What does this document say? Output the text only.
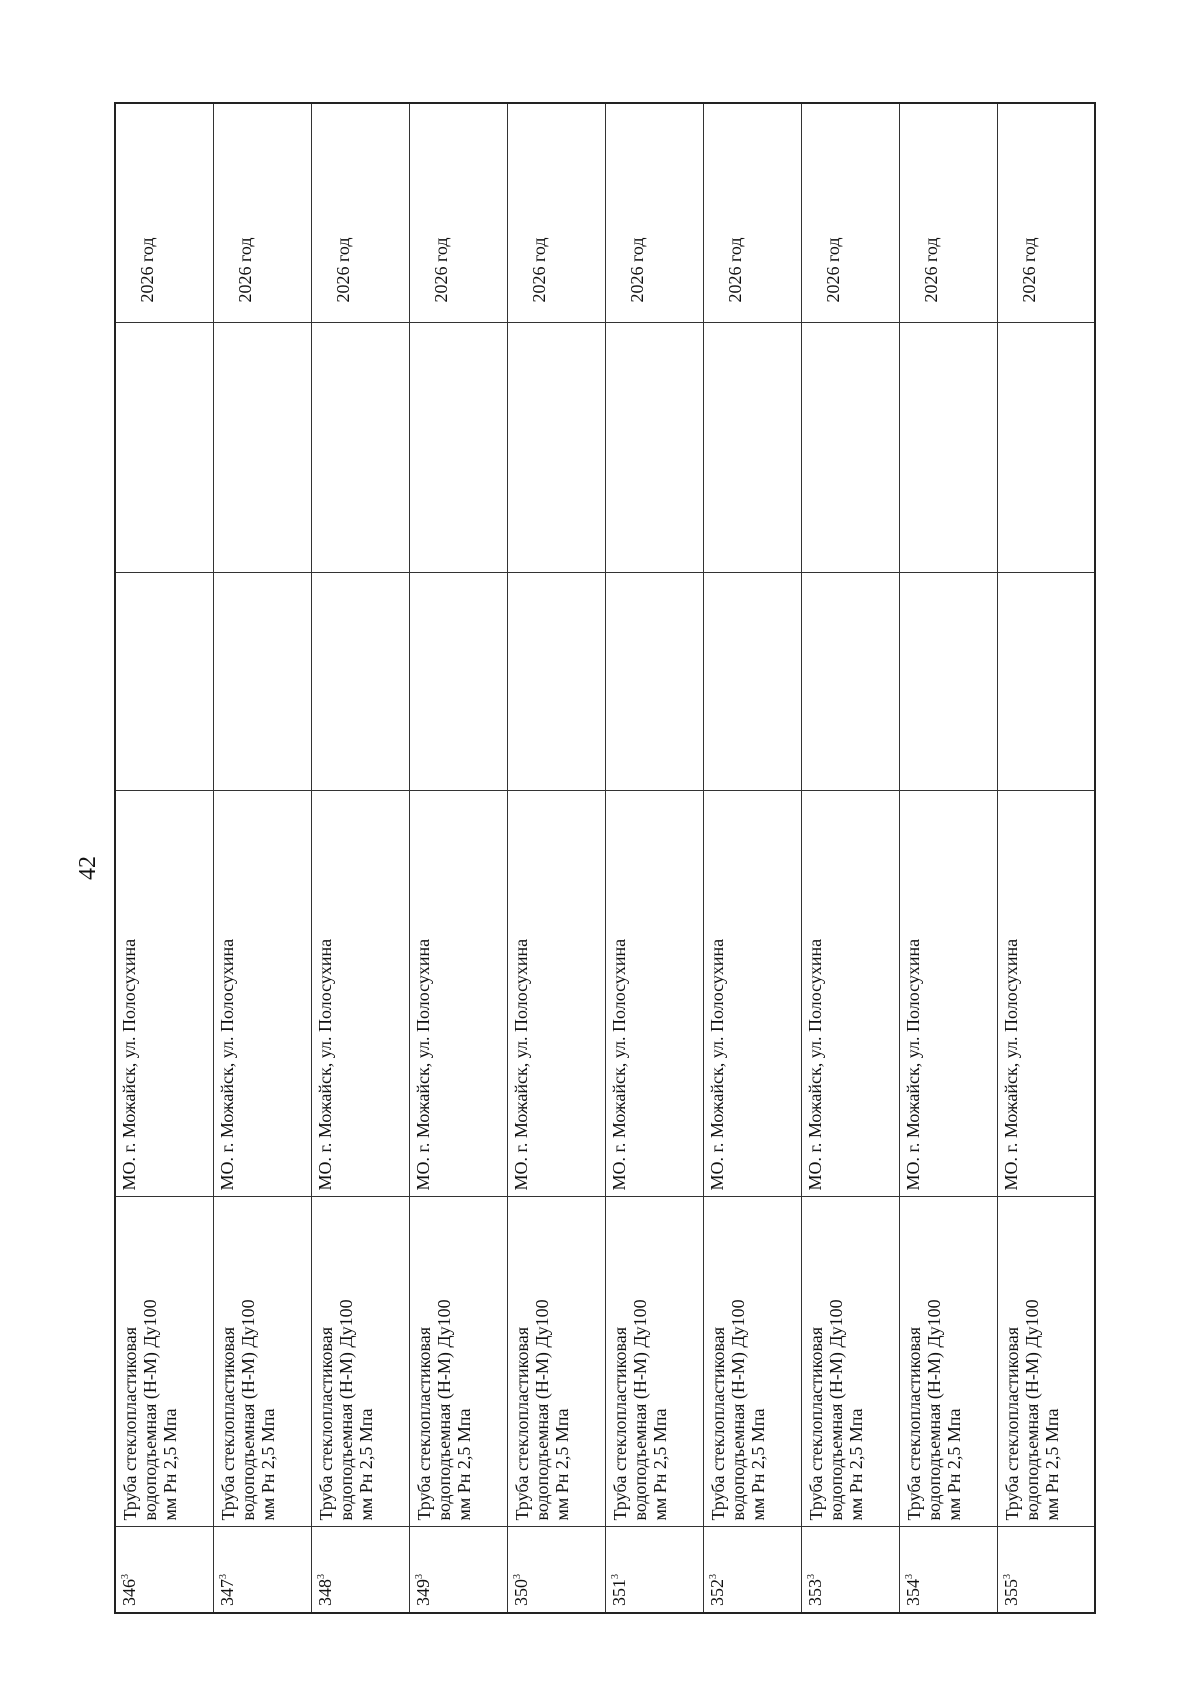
42
$346^3$	Труба стеклопластиковая водоподъемная (Н-М) Ду100 мм Рн 2,5 Мпа	МО. г. Можайск, ул. Полосухина			2026 год
$347^3$	Труба стеклопластиковая водоподъемная (Н-М) Ду100 мм Рн 2,5 Мпа	МО. г. Можайск, ул. Полосухина			2026 год
$348^3$	Труба стеклопластиковая водоподъемная (Н-М) Ду100 мм Рн 2,5 Мпа	МО. г. Можайск, ул. Полосухина			2026 год
$349^3$	Труба стеклопластиковая водоподъемная (Н-М) Ду100 мм Рн 2,5 Мпа	МО. г. Можайск, ул. Полосухина			2026 год
$350^3$	Труба стеклопластиковая водоподъемная (Н-М) Ду100 мм Рн 2,5 Мпа	МО. г. Можайск, ул. Полосухина			2026 год
$351^3$	Труба стеклопластиковая водоподъемная (Н-М) Ду100 мм Рн 2,5 Мпа	МО. г. Можайск, ул. Полосухина			2026 год
$352^3$	Труба стеклопластиковая водоподъемная (Н-М) Ду100 мм Рн 2,5 Мпа	МО. г. Можайск, ул. Полосухина			2026 год
$353^3$	Труба стеклопластиковая водоподъемная (Н-М) Ду100 мм Рн 2,5 Мпа	МО. г. Можайск, ул. Полосухина			2026 год
$354^3$	Труба стеклопластиковая водоподъемная (Н-М) Ду100 мм Рн 2,5 Мпа	МО. г. Можайск, ул. Полосухина			2026 год
$355^3$	Труба стеклопластиковая водоподъемная (Н-М) Ду100 мм Рн 2,5 Мпа	МО. г. Можайск, ул. Полосухина			2026 год
